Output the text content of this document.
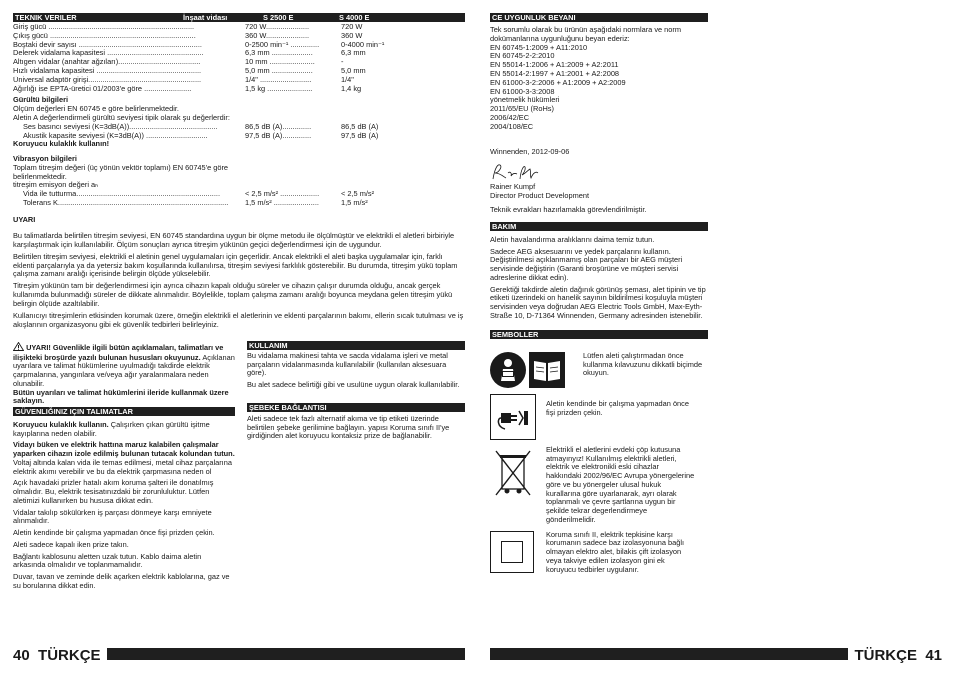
TEKNIK VERILER	İnşaat vidası	S 2500 E	S 4000 E
Giriş gücü .......................................................................	720 W.....................	720 W
Çıkış gücü .......................................................................	360 W.....................	360 W
Boştaki devir sayısı ............................................................	0-2500 min⁻¹ ..............	0-4000 min⁻¹
Delerek vidalama kapasitesi ...............................................	6,3 mm ....................	6,3 mm
Altıgen vidalar (anahtar ağzıları)........................................	10 mm ......................	-
Hızlı vidalama kapasitesi ...................................................	5,0 mm ....................	5,0 mm
Üniversal adaptör girişi.......................................................	1/4" .........................	1/4"
Ağırlığı ise EPTA-üretici 01/2003'e göre .......................	1,5 kg ......................	1,4 kg
Gürültü bilgileri
Ölçüm değerleri EN 60745 e göre belirlenmektedir.
Aletin A değerlendirmeli gürültü seviyesi tipik olarak şu değerlerdir:
Ses basıncı seviyesi (K=3dB(A))...........................................	86,5 dB (A)..............	86,5 dB (A)
Akustik kapasite seviyesi (K=3dB(A)) ..............................	97,5 dB (A)..............	97,5 dB (A)
Koruyucu kulaklık kullanın!
Vibrasyon bilgileri
Toplam titreşim değeri (üç yönün vektör toplamı) EN 60745'e göre belirlenmektedir.
titreşim emisyon değeri aₕ
Vida ile tutturma......................................................................	< 2,5 m/s² ...................	< 2,5 m/s²
Tolerans K...................................................................................	1,5 m/s² ......................	1,5 m/s²

UYARI

Bu talimatlarda belirtilen titreşim seviyesi, EN 60745 standardına uygun bir ölçme metodu ile ölçülmüştür ve elektrikli el aletleri birbiriyle karşılaştırmak için kullanılabilir. Ölçüm sonuçları ayrıca titreşim yükünün geçici değerlendirmesi için de uygundur.

Belirtilen titreşim seviyesi, elektrikli el aletinin genel uygulamaları için geçerlidir. Ancak elektrikli el aleti başka uygulamalar için, farklı eklenti parçalarıyla ya da yetersiz bakım koşullarında kullanılırsa, titreşim seviyesi farklılık gösterebilir. Bu durumda, titreşim yükü toplam çalışma zamanı aralığı içerisinde belirgin ölçüde yükselebilir.

Titreşim yükünün tam bir değerlendirmesi için ayrıca cihazın kapalı olduğu süreler ve cihazın çalışır durumda olduğu, ancak gerçek kullanımda bulunmadığı süreler de dikkate alınmalıdır. Böylelikle, toplam çalışma zamanı aralığı boyunca meydana gelen titreşim yükü belirgin ölçüde azaltılabilir.

Kullanıcıyı titreşimlerin etkisinden korumak üzere, örneğin elektrikli el aletlerinin ve eklenti parçalarının bakımı, ellerin sıcak tutulması ve iş akışlarının organizasyonu gibi ek güvenlik tedbirleri belirleyiniz.

UYARI! Güvenlikle ilgili bütün açıklamaları, talimatları ve ilişikteki broşürde yazılı bulunan hususları okuyunuz. Açıklanan uyarılara ve talimat hükümlerine uyulmadığı takdirde elektrik çarpmalarına, yangınlara ve/veya ağır yaralanmalara neden olunabilir.
Bütün uyarıları ve talimat hükümlerini ileride kullanmak üzere saklayın.

GÜVENLIĞINIZ IÇIN TALIMATLAR

Koruyucu kulaklık kullanın. Çalışırken çıkan gürültü işitme kayıplarına neden olabilir.

Vidayı büken ve elektrik hattına maruz kalabilen çalışmalar yaparken cihazın izole edilmiş bulunan tutacak kolundan tutun. Voltaj altında kalan vida ile temas edilmesi, metal cihaz parçalarına elektrik akımı verebilir ve bu da elektrik çarpmasına neden ol

Açık havadaki prizler hatalı akım koruma şalteri ile donatılmış olmalıdır. Bu, elektrik tesisatınızdaki bir zorunluluktur. Lütfen aletimizi kullanırken bu hususa dikkat edin.

Vidalar takılıp sökülürken iş parçası dönmeye karşı emniyete alınmalıdır.

Aletin kendinde bir çalışma yapmadan önce fişi prizden çekin.

Aleti sadece kapalı iken prize takın.

Bağlantı kablosunu aletten uzak tutun. Kablo daima aletin arkasında olmalıdır ve toplanmamalıdır.

Duvar, tavan ve zeminde delik açarken elektrik kablolarına, gaz ve su borularına dikkat edin.

KULLANIM

Bu vidalama makinesi tahta ve sacda vidalama işleri ve metal parçaların vidalanmasında kullanılabilir (kullanılan aksesuara göre).

Bu alet sadece belirtiği gibi ve usulüne uygun olarak kullanılabilir.

ŞEBEKE BAĞLANTISI

Aleti sadece tek fazlı alternatif akıma ve tip etiketi üzerinde belirtilen şebeke gerilimine bağlayın. yapısı Koruma sınıfı II'ye girdiğinden alet koruyucu kontaksiz prize de bağlanabilir.

40 TÜRKÇE
CE UYGUNLUK BEYANI
Tek sorumlu olarak bu ürünün aşağıdaki normlara ve norm
dokümanlarına uygunluğunu beyan ederiz:
EN 60745-1:2009 + A11:2010
EN 60745-2-2:2010
EN 55014-1:2006 + A1:2009 + A2:2011
EN 55014-2:1997 + A1:2001 + A2:2008
EN 61000-3-2:2006 + A1:2009 + A2:2009
EN 61000-3-3:2008
yönetmelik hükümleri
2011/65/EU (RoHs)
2006/42/EC
2004/108/EC
Winnenden, 2012-09-06
Rainer Kumpf
Director Product Development
Teknik evrakları hazırlamakla görevlendirilmiştir.
BAKIM

Aletin havalandırma aralıklarını daima temiz tutun.

Sadece AEG aksesuarını ve yedek parçalarını kullanın. Değiştirilmesi açıklanmamış olan parçaları bir AEG müşteri servisinde değiştirin (Garanti broşürüne ve müşteri servisi adreslerine dikkat edin).

Gerektiği takdirde aletin dağınık görünüş şeması, alet tipinin ve tip etiketi üzerindeki on hanelik sayının bildirilmesi koşuluyla müşteri servisinden veya doğrudan AEG Electric Tools GmbH, Max-Eyth-Straße 10, D-71364 Winnenden, Germany adresinden istenebilir.

SEMBOLLER
Lütfen aleti çalıştırmadan önce kullanma kılavuzunu dikkatli biçimde okuyun.
Aletin kendinde bir çalışma yapmadan önce fişi prizden çekin.
Elektrikli el aletlerini evdeki çöp kutusuna atmayınyız! Kullanılmış elektrikli aletleri, elektrik ve elektronikli eski cihazlar hakkındaki 2002/96/EC Avrupa yönergelerine göre ve bu yönergeler ulusal hukuk kurallarına göre uyarlanarak, ayrı olarak toplanmalı ve çevre şartlarına uygun bir şekilde tekrar degerlendirmeye gönderilmelidir.
Koruma sınıfı II, elektrik tepkisine karşı korumanın sadece baz izolasyonuna bağlı olmayan elektro alet, bilakis çift izolasyon veya takviye edilen izolasyon gini ek koruyucu tedbirler uygulanır.
TÜRKÇE 41
